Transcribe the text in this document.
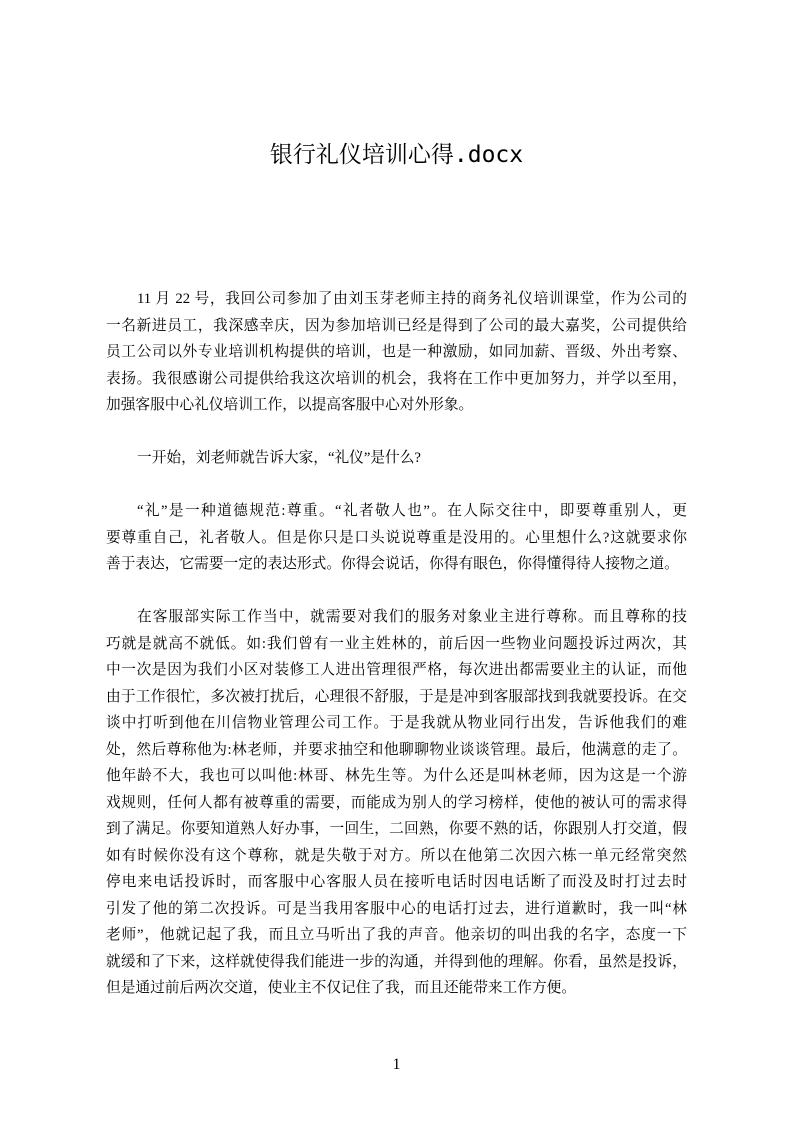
银行礼仪培训心得.docx
11 月 22 号，我回公司参加了由刘玉芽老师主持的商务礼仪培训课堂，作为公司的
一名新进员工，我深感幸庆，因为参加培训已经是得到了公司的最大嘉奖，公司提供给
员工公司以外专业培训机构提供的培训，也是一种激励，如同加薪、晋级、外出考察、
表扬。我很感谢公司提供给我这次培训的机会，我将在工作中更加努力，并学以至用，
加强客服中心礼仪培训工作，以提高客服中心对外形象。
一开始，刘老师就告诉大家，“礼仪”是什么?
“礼”是一种道德规范:尊重。“礼者敬人也”。在人际交往中，即要尊重别人，更
要尊重自己，礼者敬人。但是你只是口头说说尊重是没用的。心里想什么?这就要求你
善于表达，它需要一定的表达形式。你得会说话，你得有眼色，你得懂得待人接物之道。
在客服部实际工作当中，就需要对我们的服务对象业主进行尊称。而且尊称的技
巧就是就高不就低。如:我们曾有一业主姓林的，前后因一些物业问题投诉过两次，其
中一次是因为我们小区对装修工人进出管理很严格，每次进出都需要业主的认证，而他
由于工作很忙，多次被打扰后，心理很不舒服，于是是冲到客服部找到我就要投诉。在交
谈中打听到他在川信物业管理公司工作。于是我就从物业同行出发，告诉他我们的难
处，然后尊称他为:林老师，并要求抽空和他聊聊物业谈谈管理。最后，他满意的走了。
他年龄不大，我也可以叫他:林哥、林先生等。为什么还是叫林老师，因为这是一个游
戏规则，任何人都有被尊重的需要，而能成为别人的学习榜样，使他的被认可的需求得
到了满足。你要知道熟人好办事，一回生，二回熟，你要不熟的话，你跟别人打交道，假
如有时候你没有这个尊称，就是失敬于对方。所以在他第二次因六栋一单元经常突然
停电来电话投诉时，而客服中心客服人员在接听电话时因电话断了而没及时打过去时
引发了他的第二次投诉。可是当我用客服中心的电话打过去，进行道歉时，我一叫“林
老师”，他就记起了我，而且立马听出了我的声音。他亲切的叫出我的名字，态度一下
就缓和了下来，这样就使得我们能进一步的沟通，并得到他的理解。你看，虽然是投诉，
但是通过前后两次交道，使业主不仅记住了我，而且还能带来工作方便。
1
